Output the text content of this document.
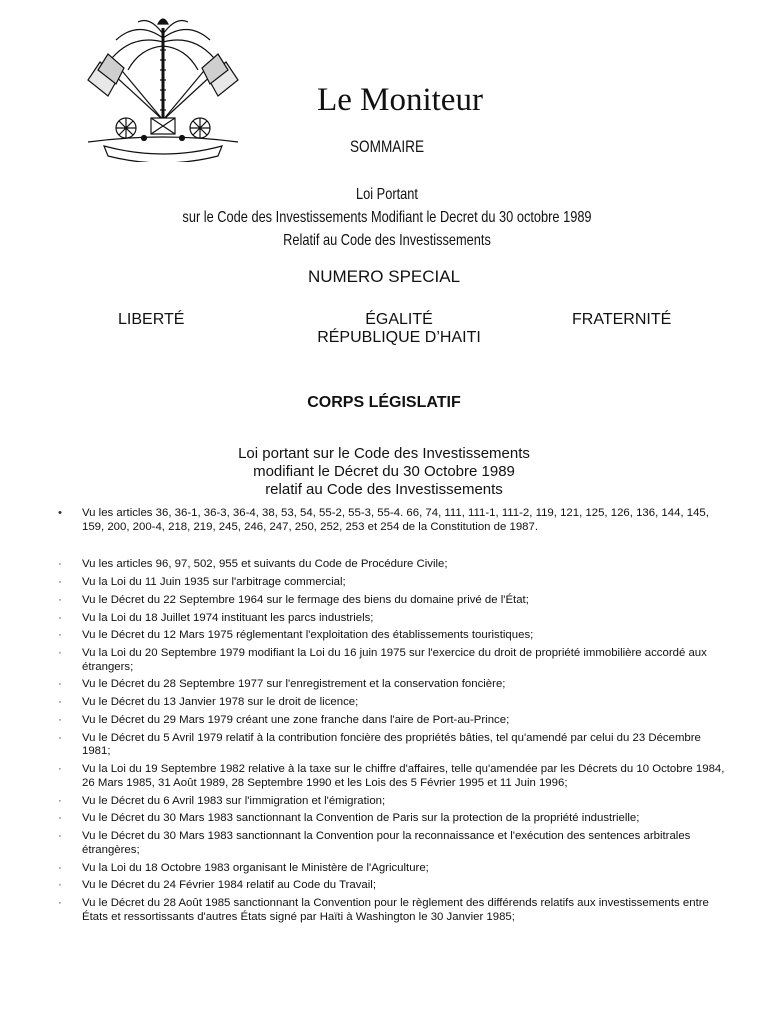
Le Moniteur
SOMMAIRE
Loi Portant
sur le Code des Investissements Modifiant le Decret du 30 octobre 1989
Relatif au Code des Investissements
NUMERO SPECIAL
LIBERTÉ	ÉGALITÉ	FRATERNITÉ
RÉPUBLIQUE D’HAITI
CORPS LÉGISLATIF
Loi portant sur le Code des Investissements
modifiant le Décret du 30 Octobre 1989
relatif au Code des Investissements
•	Vu les articles 36, 36-1, 36-3, 36-4, 38, 53, 54, 55-2, 55-3, 55-4. 66, 74, 111, 111-1, 111-2, 119, 121, 125, 126, 136, 144, 145, 159, 200, 200-4, 218, 219, 245, 246, 247, 250, 252, 253 et 254 de la Constitution de 1987.
·	Vu les articles 96, 97, 502, 955 et suivants du Code de Procédure Civile;
·	Vu la Loi du 11 Juin 1935 sur l'arbitrage commercial;
·	Vu le Décret du 22 Septembre 1964 sur le fermage des biens du domaine privé de l'État;
·	Vu la Loi du 18 Juillet 1974 instituant les parcs industriels;
·	Vu le Décret du 12 Mars 1975 réglementant l'exploitation des établissements touristiques;
·	Vu la Loi du 20 Septembre 1979 modifiant la Loi du 16 juin 1975 sur l'exercice du droit de propriété immobilière accordé aux étrangers;
·	Vu le Décret du 28 Septembre 1977 sur l'enregistrement et la conservation foncière;
·	Vu le Décret du 13 Janvier 1978 sur le droit de licence;
·	Vu le Décret du 29 Mars 1979 créant une zone franche dans l'aire de Port-au-Prince;
·	Vu le Décret du 5 Avril 1979 relatif à la contribution foncière des propriétés bâties, tel qu'amendé par celui du 23 Décembre 1981;
·	Vu la Loi du 19 Septembre 1982 relative à la taxe sur le chiffre d'affaires, telle qu'amendée par les Décrets du 10 Octobre 1984, 26 Mars 1985, 31 Août 1989, 28 Septembre 1990 et les Lois des 5 Février 1995 et 11 Juin 1996;
·	Vu le Décret du 6 Avril 1983 sur l'immigration et l'émigration;
·	Vu le Décret du 30 Mars 1983 sanctionnant la Convention de Paris sur la protection de la propriété industrielle;
·	Vu le Décret du 30 Mars 1983 sanctionnant la Convention pour la reconnaissance et l'exécution des sentences arbitrales étrangères;
·	Vu la Loi du 18 Octobre 1983 organisant le Ministère de l'Agriculture;
·	Vu le Décret du 24 Février 1984 relatif au Code du Travail;
·	Vu le Décret du 28 Août 1985 sanctionnant la Convention pour le règlement des différends relatifs aux investissements entre États et ressortissants d'autres États signé par Haïti à Washington le 30 Janvier 1985;
